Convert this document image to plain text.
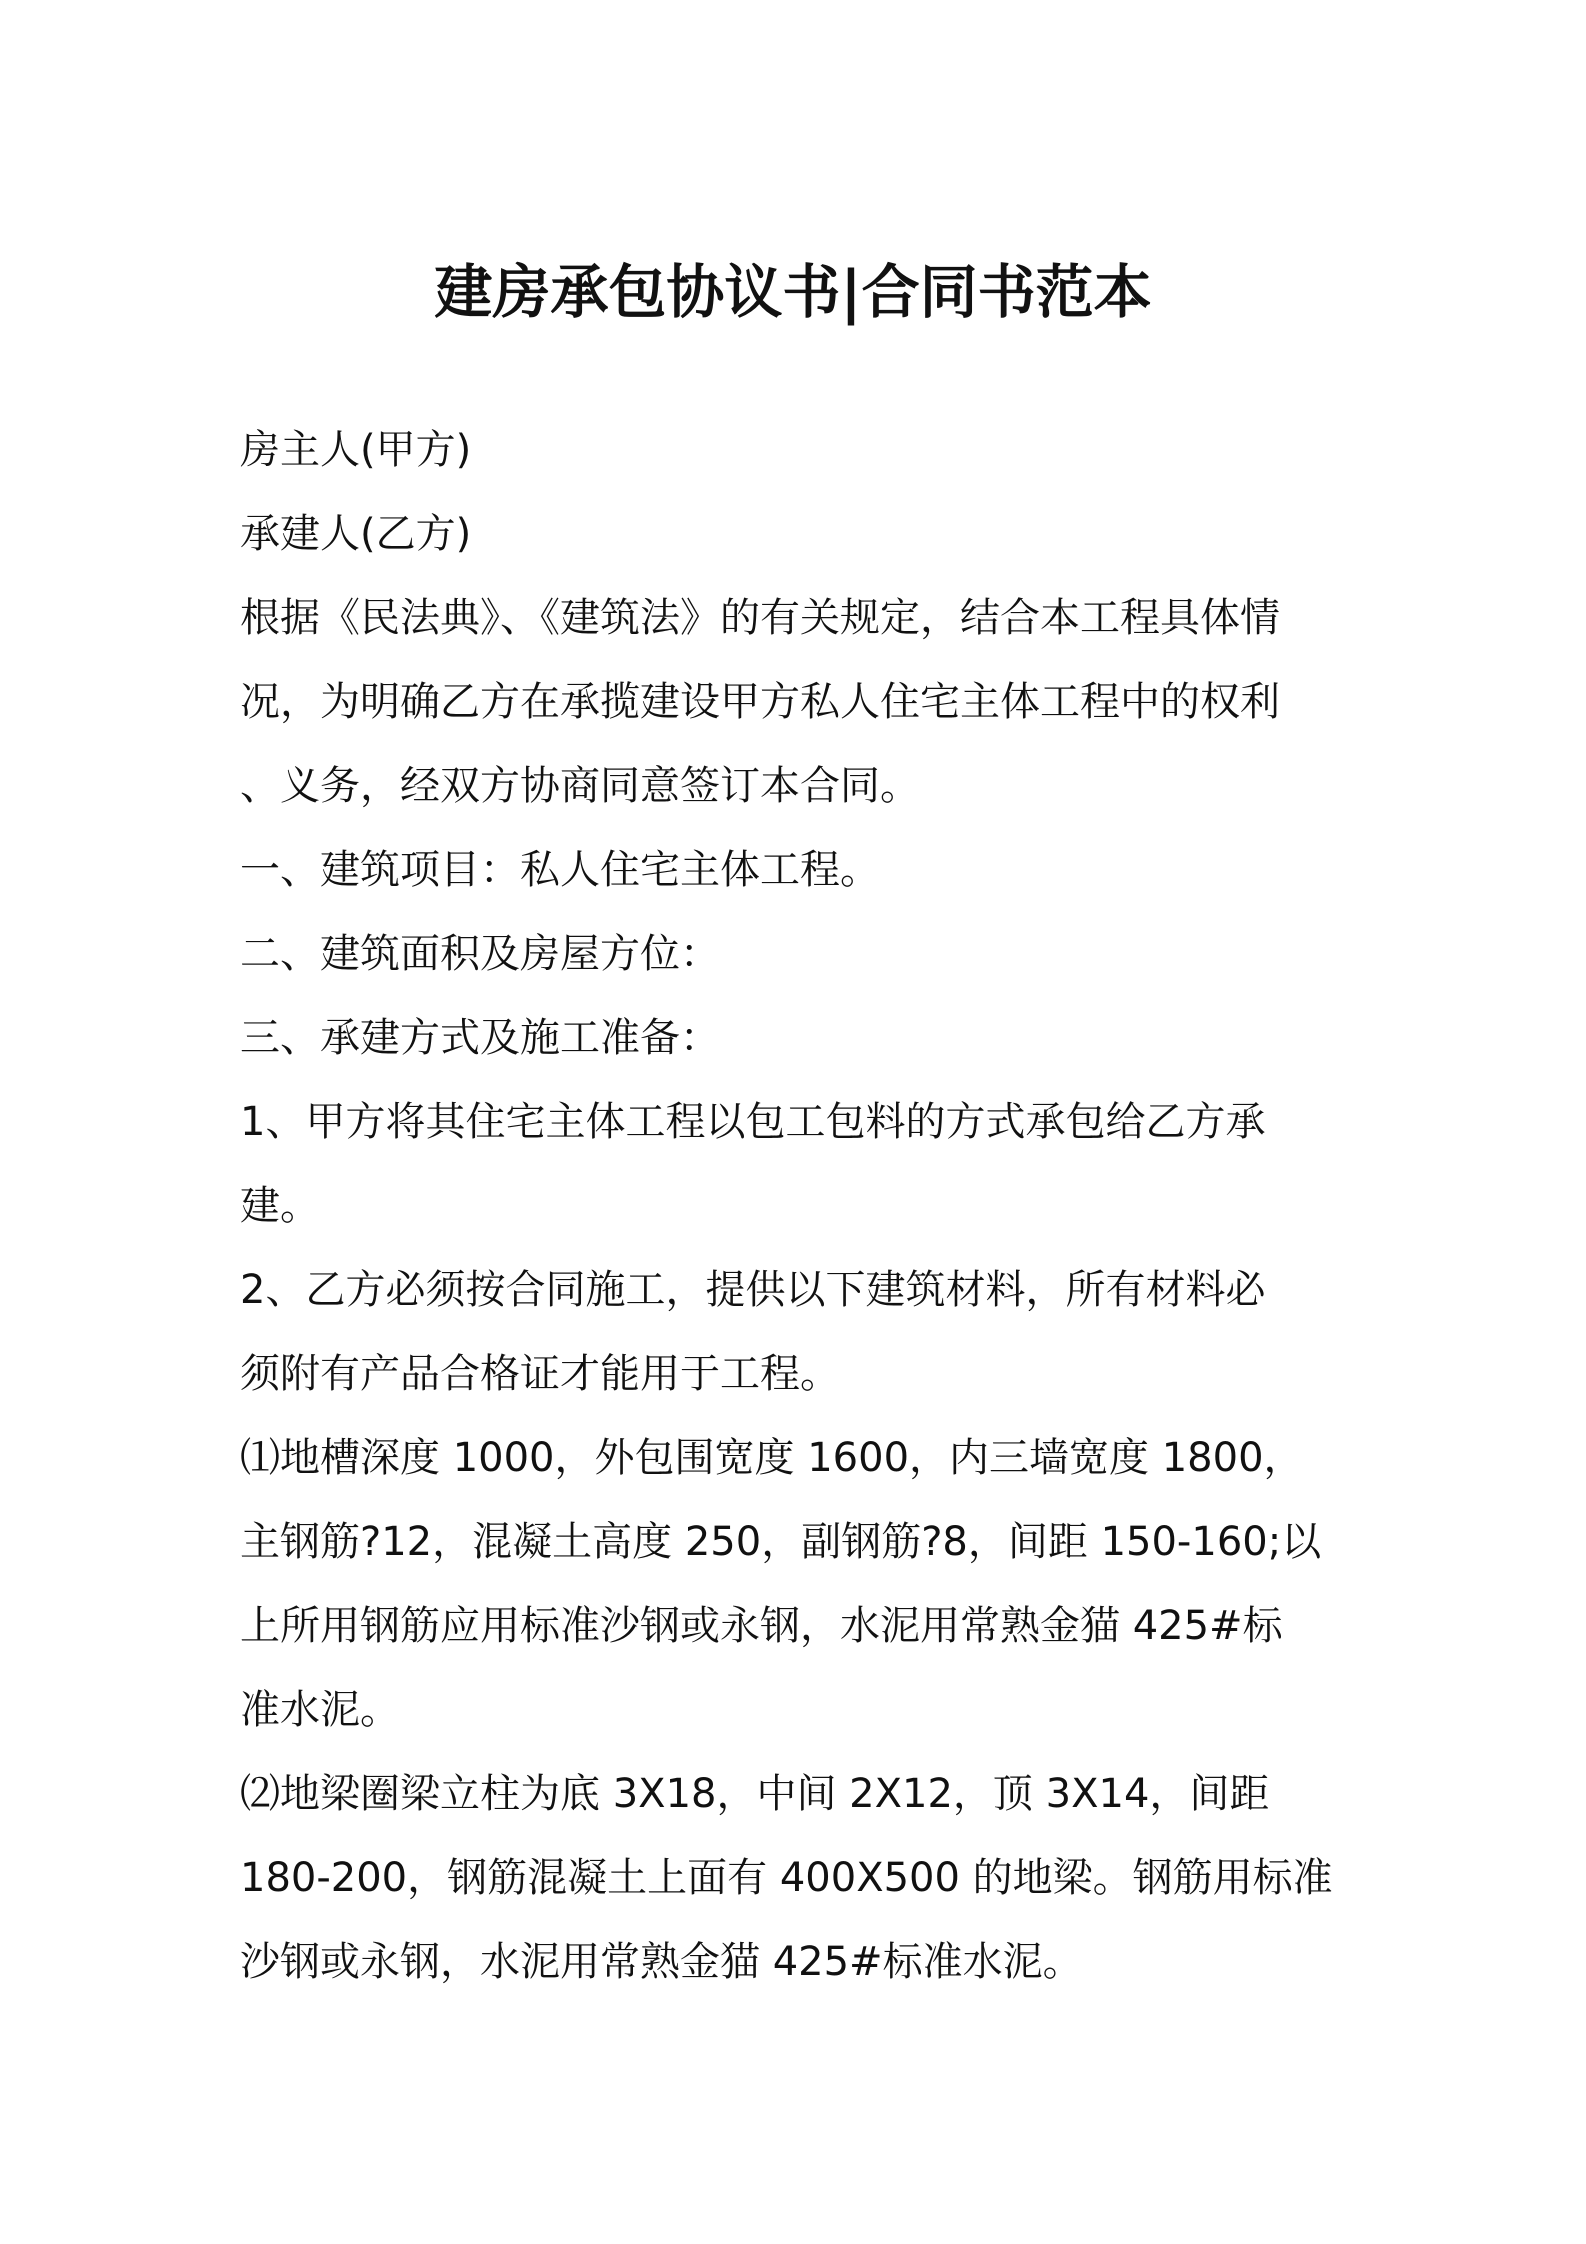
建房承包协议书|合同书范本
房主人(甲方)
承建人(乙方)
根据《民法典》、《建筑法》的有关规定，结合本工程具体情
况，为明确乙方在承揽建设甲方私人住宅主体工程中的权利
、义务，经双方协商同意签订本合同。
一、建筑项目：私人住宅主体工程。
二、建筑面积及房屋方位：
三、承建方式及施工准备：
1、甲方将其住宅主体工程以包工包料的方式承包给乙方承
建。
2、乙方必须按合同施工，提供以下建筑材料，所有材料必
须附有产品合格证才能用于工程。
⑴地槽深度 1000，外包围宽度 1600，内三墙宽度 1800，
主钢筋?12，混凝土高度 250，副钢筋?8，间距 150-160;以
上所用钢筋应用标准沙钢或永钢，水泥用常熟金猫 425#标
准水泥。
⑵地梁圈梁立柱为底 3X18，中间 2X12，顶 3X14，间距
180-200，钢筋混凝土上面有 400X500 的地梁。钢筋用标准
沙钢或永钢，水泥用常熟金猫 425#标准水泥。
